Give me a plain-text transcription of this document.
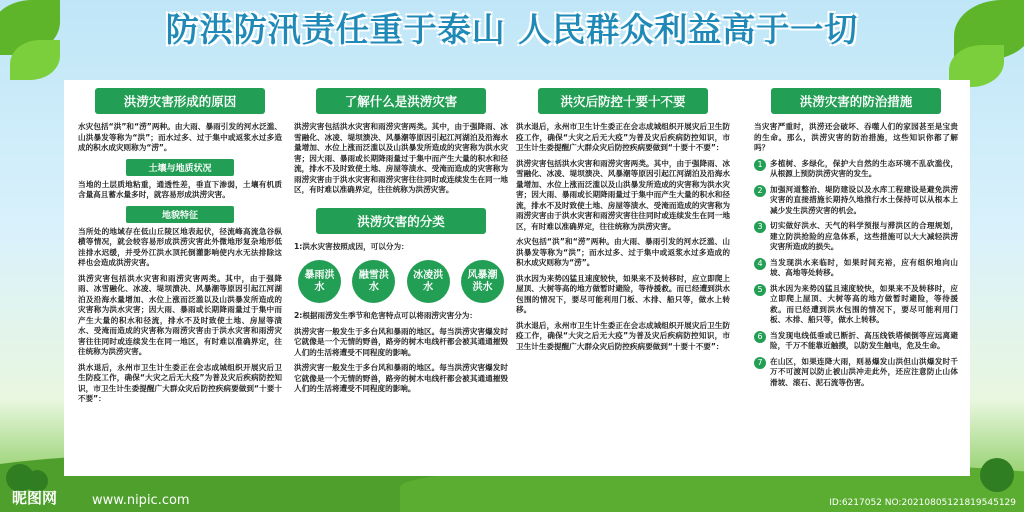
防洪防汛责任重于泰山 人民群众利益高于一切
洪涝灾害形成的原因

水灾包括“洪”和“涝”两种。由大雨、暴雨引发的河水泛滥、山洪暴发等称为“洪”；而水过多、过于集中或返浆水过多造成的积水成灾则称为“涝”。

土壤与地质状况

当地的土层质地粘重，通透性差，垂直下渗弱，土壤有机质含量高且蓄水量多时，就容易形成洪涝灾害。

地貌特征

当所处的地域存在低山丘陵区地表起伏，径流峰高流急谷纵横等情况，就会较容易形成洪涝灾害此外微地形复杂地形低洼排水迟缓，并受外江洪水顶托倒灌影响使内水无法排除这样也会造成洪涝灾害。

洪涝灾害包括洪水灾害和雨涝灾害两类。其中，由于强降雨、冰雪融化、冰凌、堤坝溃决、风暴潮等原因引起江河湖泊及沿海水量增加、水位上涨而泛滥以及山洪暴发所造成的灾害称为洪水灾害；因大雨、暴雨或长期降雨量过于集中而产生大量的积水和径流，排水不及时致使土地、房屋等渍水、受淹而造成的灾害称为雨涝灾害由于洪水灾害和雨涝灾害往往同时或连续发生在同一地区，有时难以准确界定，往往统称为洪涝灾害。

洪水退后，永州市卫生计生委正在会志成城组织开展灾后卫生防疫工作，确保“大灾之后无大疫”为普及灾后疾病防控知识，市卫生计生委提醒广大群众灾后防控疾病要做到“十要十不要”：

了解什么是洪涝灾害

洪涝灾害包括洪水灾害和雨涝灾害两类。其中，由于强降雨、冰雪融化、冰凌、堤坝溃决、风暴潮等原因引起江河湖泊及沿海水量增加、水位上涨而泛滥以及山洪暴发所造成的灾害称为洪水灾害；因大雨、暴雨或长期降雨量过于集中而产生大量的积水和径流，排水不及时致使土地、房屋等渍水、受淹而造成的灾害称为雨涝灾害由于洪水灾害和雨涝灾害往往同时或连续发生在同一地区，有时难以准确界定，往往统称为洪涝灾害。

洪涝灾害的分类

1:洪水灾害按照成因，可以分为：

暴雨洪水
融雪洪水
冰凌洪水
风暴潮洪水

2:根据雨涝发生季节和危害特点可以将雨涝灾害分为：

洪涝灾害一般发生于多台风和暴雨的地区。每当洪涝灾害爆发时它就像是一个无情的野兽，路旁的树木电线杆都会被其通通摧毁人们的生活将遭受不同程度的影响。

洪涝灾害一般发生于多台风和暴雨的地区。每当洪涝灾害爆发时它就像是一个无情的野兽，路旁的树木电线杆都会被其通通摧毁人们的生活将遭受不同程度的影响。

洪灾后防控十要十不要

洪水退后，永州市卫生计生委正在会志成城组织开展灾后卫生防疫工作，确保“大灾之后无大疫”为普及灾后疾病防控知识，市卫生计生委提醒广大群众灾后防控疾病要做到“十要十不要”：

洪涝灾害包括洪水灾害和雨涝灾害两类。其中，由于强降雨、冰雪融化、冰凌、堤坝溃决、风暴潮等原因引起江河湖泊及沿海水量增加、水位上涨而泛滥以及山洪暴发所造成的灾害称为洪水灾害；因大雨、暴雨或长期降雨量过于集中而产生大量的积水和径流，排水不及时致使土地、房屋等渍水、受淹而造成的灾害称为雨涝灾害由于洪水灾害和雨涝灾害往往同时或连续发生在同一地区，有时难以准确界定，往往统称为洪涝灾害。

水灾包括“洪”和“涝”两种。由大雨、暴雨引发的河水泛滥、山洪暴发等称为“洪”；而水过多、过于集中或返浆水过多造成的积水成灾则称为“涝”。

洪水因为来势凶猛且速度较快，如果来不及转移时，应立即爬上屋顶、大树等高的地方做暂时避险，等待援救。而已经遭到洪水包围的情况下，要尽可能利用门板、木排、船只等，做水上转移。

洪水退后，永州市卫生计生委正在会志成城组织开展灾后卫生防疫工作，确保“大灾之后无大疫”为普及灾后疾病防控知识，市卫生计生委提醒广大群众灾后防控疾病要做到“十要十不要”：

洪涝灾害的防治措施

当灾害严重时，洪涝还会破坏、吞噬人们的家园甚至是宝贵的生命。那么，洪涝灾害的防治措施，这些知识你都了解吗？

1 多植树、多绿化，保护大自然的生态环境不乱砍滥伐，从根源上预防洪涝灾害的发生。

2 加强河道整治、堤防建设以及水库工程建设是避免洪涝灾害的直接措施长期持久地推行水土保持可以从根本上减少发生洪涝灾害的机会。

3 切实做好洪水、天气的科学预报与滞洪区的合理规划，建立防洪抢险的应急体系，这些措施可以大大减轻洪涝灾害所造成的损失。

4 当发现洪水来临时，如果时间充裕，应有组织地向山坡、高地等处转移。

5 洪水因为来势凶猛且速度较快，如果来不及转移时，应立即爬上屋顶、大树等高的地方做暂时避险，等待援救。而已经遭到洪水包围的情况下，要尽可能利用门板、木排、船只等，做水上转移。

6 当发现电线低垂或已断折、高压线铁塔倾倒等应远离避险，千万不能靠近触摸，以防发生触电，危及生命。

7 在山区，如果连降大雨，则易爆发山洪但山洪爆发时千万不可渡河以防止被山洪冲走此外，还应注意防止山体滑坡、滚石、泥石流等伤害。

昵图网	www.nipic.com	ID:6217052 NO:20210805121819545129
